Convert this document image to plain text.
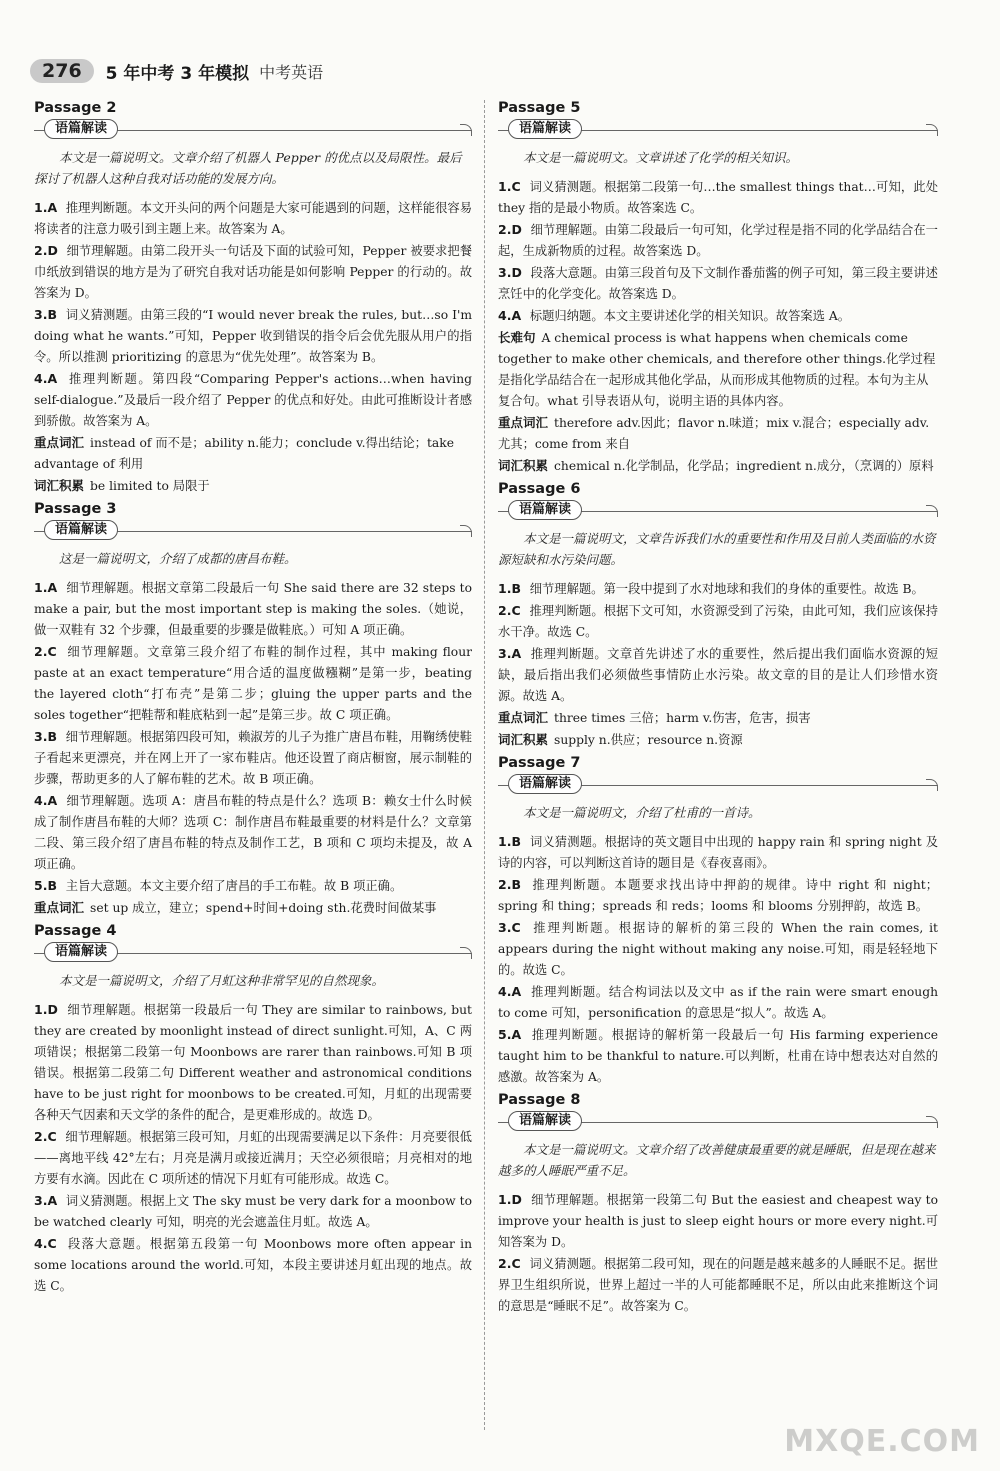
276	5 年中考 3 年模拟 中考英语
Passage 2
语篇解读
本文是一篇说明文。文章介绍了机器人 Pepper 的优点以及局限性。最后探讨了机器人这种自我对话功能的发展方向。
1.A  推理判断题。本文开头问的两个问题是大家可能遇到的问题，这样能很容易将读者的注意力吸引到主题上来。故答案为 A。
2.D  细节理解题。由第二段开头一句话及下面的试验可知，Pepper 被要求把餐巾纸放到错误的地方是为了研究自我对话功能是如何影响 Pepper 的行动的。故答案为 D。
3.B  词义猜测题。由第三段的“I would never break the rules, but…so I'm doing what he wants.”可知，Pepper 收到错误的指令后会优先服从用户的指令。所以推测 prioritizing 的意思为“优先处理”。故答案为 B。
4.A  推理判断题。第四段“Comparing Pepper's actions…when having self-dialogue.”及最后一段介绍了 Pepper 的优点和好处。由此可推断设计者感到骄傲。故答案为 A。
重点词汇 instead of 而不是；ability n.能力；conclude v.得出结论；take advantage of 利用
词汇积累 be limited to 局限于
Passage 3
语篇解读
这是一篇说明文，介绍了成都的唐昌布鞋。
1.A  细节理解题。根据文章第二段最后一句 She said there are 32 steps to make a pair, but the most important step is making the soles.（她说，做一双鞋有 32 个步骤，但最重要的步骤是做鞋底。）可知 A 项正确。
2.C  细节理解题。文章第三段介绍了布鞋的制作过程，其中 making flour paste at an exact temperature“用合适的温度做糨糊”是第一步，beating the layered cloth“打布壳”是第二步；gluing the upper parts and the soles together“把鞋帮和鞋底粘到一起”是第三步。故 C 项正确。
3.B  细节理解题。根据第四段可知，赖淑芳的儿子为推广唐昌布鞋，用鞠绣使鞋子看起来更漂亮，并在网上开了一家布鞋店。他还设置了商店橱窗，展示制鞋的步骤，帮助更多的人了解布鞋的艺术。故 B 项正确。
4.A  细节理解题。选项 A：唐昌布鞋的特点是什么？选项 B：赖女士什么时候成了制作唐昌布鞋的大师？选项 C：制作唐昌布鞋最重要的材料是什么？文章第二段、第三段介绍了唐昌布鞋的特点及制作工艺，B 项和 C 项均未提及，故 A 项正确。
5.B  主旨大意题。本文主要介绍了唐昌的手工布鞋。故 B 项正确。
重点词汇 set up 成立，建立；spend+时间+doing sth.花费时间做某事
Passage 4
语篇解读
本文是一篇说明文，介绍了月虹这种非常罕见的自然现象。
1.D  细节理解题。根据第一段最后一句 They are similar to rainbows, but they are created by moonlight instead of direct sunlight.可知，A、C 两项错误；根据第二段第一句 Moonbows are rarer than rainbows.可知 B 项错误。根据第二段第二句 Different weather and astronomical conditions have to be just right for moonbows to be created.可知，月虹的出现需要各种天气因素和天文学的条件的配合，是更难形成的。故选 D。
2.C  细节理解题。根据第三段可知，月虹的出现需要满足以下条件：月亮要很低——离地平线 42°左右；月亮是满月或接近满月；天空必须很暗；月亮相对的地方要有水滴。因此在 C 项所述的情况下月虹有可能形成。故选 C。
3.A  词义猜测题。根据上文 The sky must be very dark for a moonbow to be watched clearly 可知，明亮的光会遮盖住月虹。故选 A。
4.C  段落大意题。根据第五段第一句 Moonbows more often appear in some locations around the world.可知，本段主要讲述月虹出现的地点。故选 C。
Passage 5
语篇解读
本文是一篇说明文。文章讲述了化学的相关知识。
1.C  词义猜测题。根据第二段第一句…the smallest things that…可知，此处 they 指的是最小物质。故答案选 C。
2.D  细节理解题。由第二段最后一句可知，化学过程是指不同的化学品结合在一起，生成新物质的过程。故答案选 D。
3.D  段落大意题。由第三段首句及下文制作番茄酱的例子可知，第三段主要讲述烹饪中的化学变化。故答案选 D。
4.A  标题归纳题。本文主要讲述化学的相关知识。故答案选 A。
长难句 A chemical process is what happens when chemicals come together to make other chemicals, and therefore other things.化学过程是指化学品结合在一起形成其他化学品，从而形成其他物质的过程。本句为主从复合句。what 引导表语从句，说明主语的具体内容。
重点词汇 therefore adv.因此；flavor n.味道；mix v.混合；especially adv.尤其；come from 来自
词汇积累 chemical n.化学制品，化学品；ingredient n.成分，（烹调的）原料
Passage 6
语篇解读
本文是一篇说明文，文章告诉我们水的重要性和作用及目前人类面临的水资源短缺和水污染问题。
1.B  细节理解题。第一段中提到了水对地球和我们的身体的重要性。故选 B。
2.C  推理判断题。根据下文可知，水资源受到了污染，由此可知，我们应该保持水干净。故选 C。
3.A  推理判断题。文章首先讲述了水的重要性，然后提出我们面临水资源的短缺，最后指出我们必须做些事情防止水污染。故文章的目的是让人们珍惜水资源。故选 A。
重点词汇 three times 三倍；harm v.伤害，危害，损害
词汇积累 supply n.供应；resource n.资源
Passage 7
语篇解读
本文是一篇说明文，介绍了杜甫的一首诗。
1.B  词义猜测题。根据诗的英文题目中出现的 happy rain 和 spring night 及诗的内容，可以判断这首诗的题目是《春夜喜雨》。
2.B  推理判断题。本题要求找出诗中押韵的规律。诗中 right 和 night；spring 和 thing；spreads 和 reds；looms 和 blooms 分别押韵，故选 B。
3.C  推理判断题。根据诗的解析的第三段的 When the rain comes, it appears during the night without making any noise.可知，雨是轻轻地下的。故选 C。
4.A  推理判断题。结合构词法以及文中 as if the rain were smart enough to come 可知，personification 的意思是“拟人”。故选 A。
5.A  推理判断题。根据诗的解析第一段最后一句 His farming experience taught him to be thankful to nature.可以判断，杜甫在诗中想表达对自然的感激。故答案为 A。
Passage 8
语篇解读
本文是一篇说明文。文章介绍了改善健康最重要的就是睡眠，但是现在越来越多的人睡眠严重不足。
1.D  细节理解题。根据第一段第二句 But the easiest and cheapest way to improve your health is just to sleep eight hours or more every night.可知答案为 D。
2.C  词义猜测题。根据第二段可知，现在的问题是越来越多的人睡眠不足。据世界卫生组织所说，世界上超过一半的人可能都睡眠不足，所以由此来推断这个词的意思是“睡眠不足”。故答案为 C。
MXQE.COM
